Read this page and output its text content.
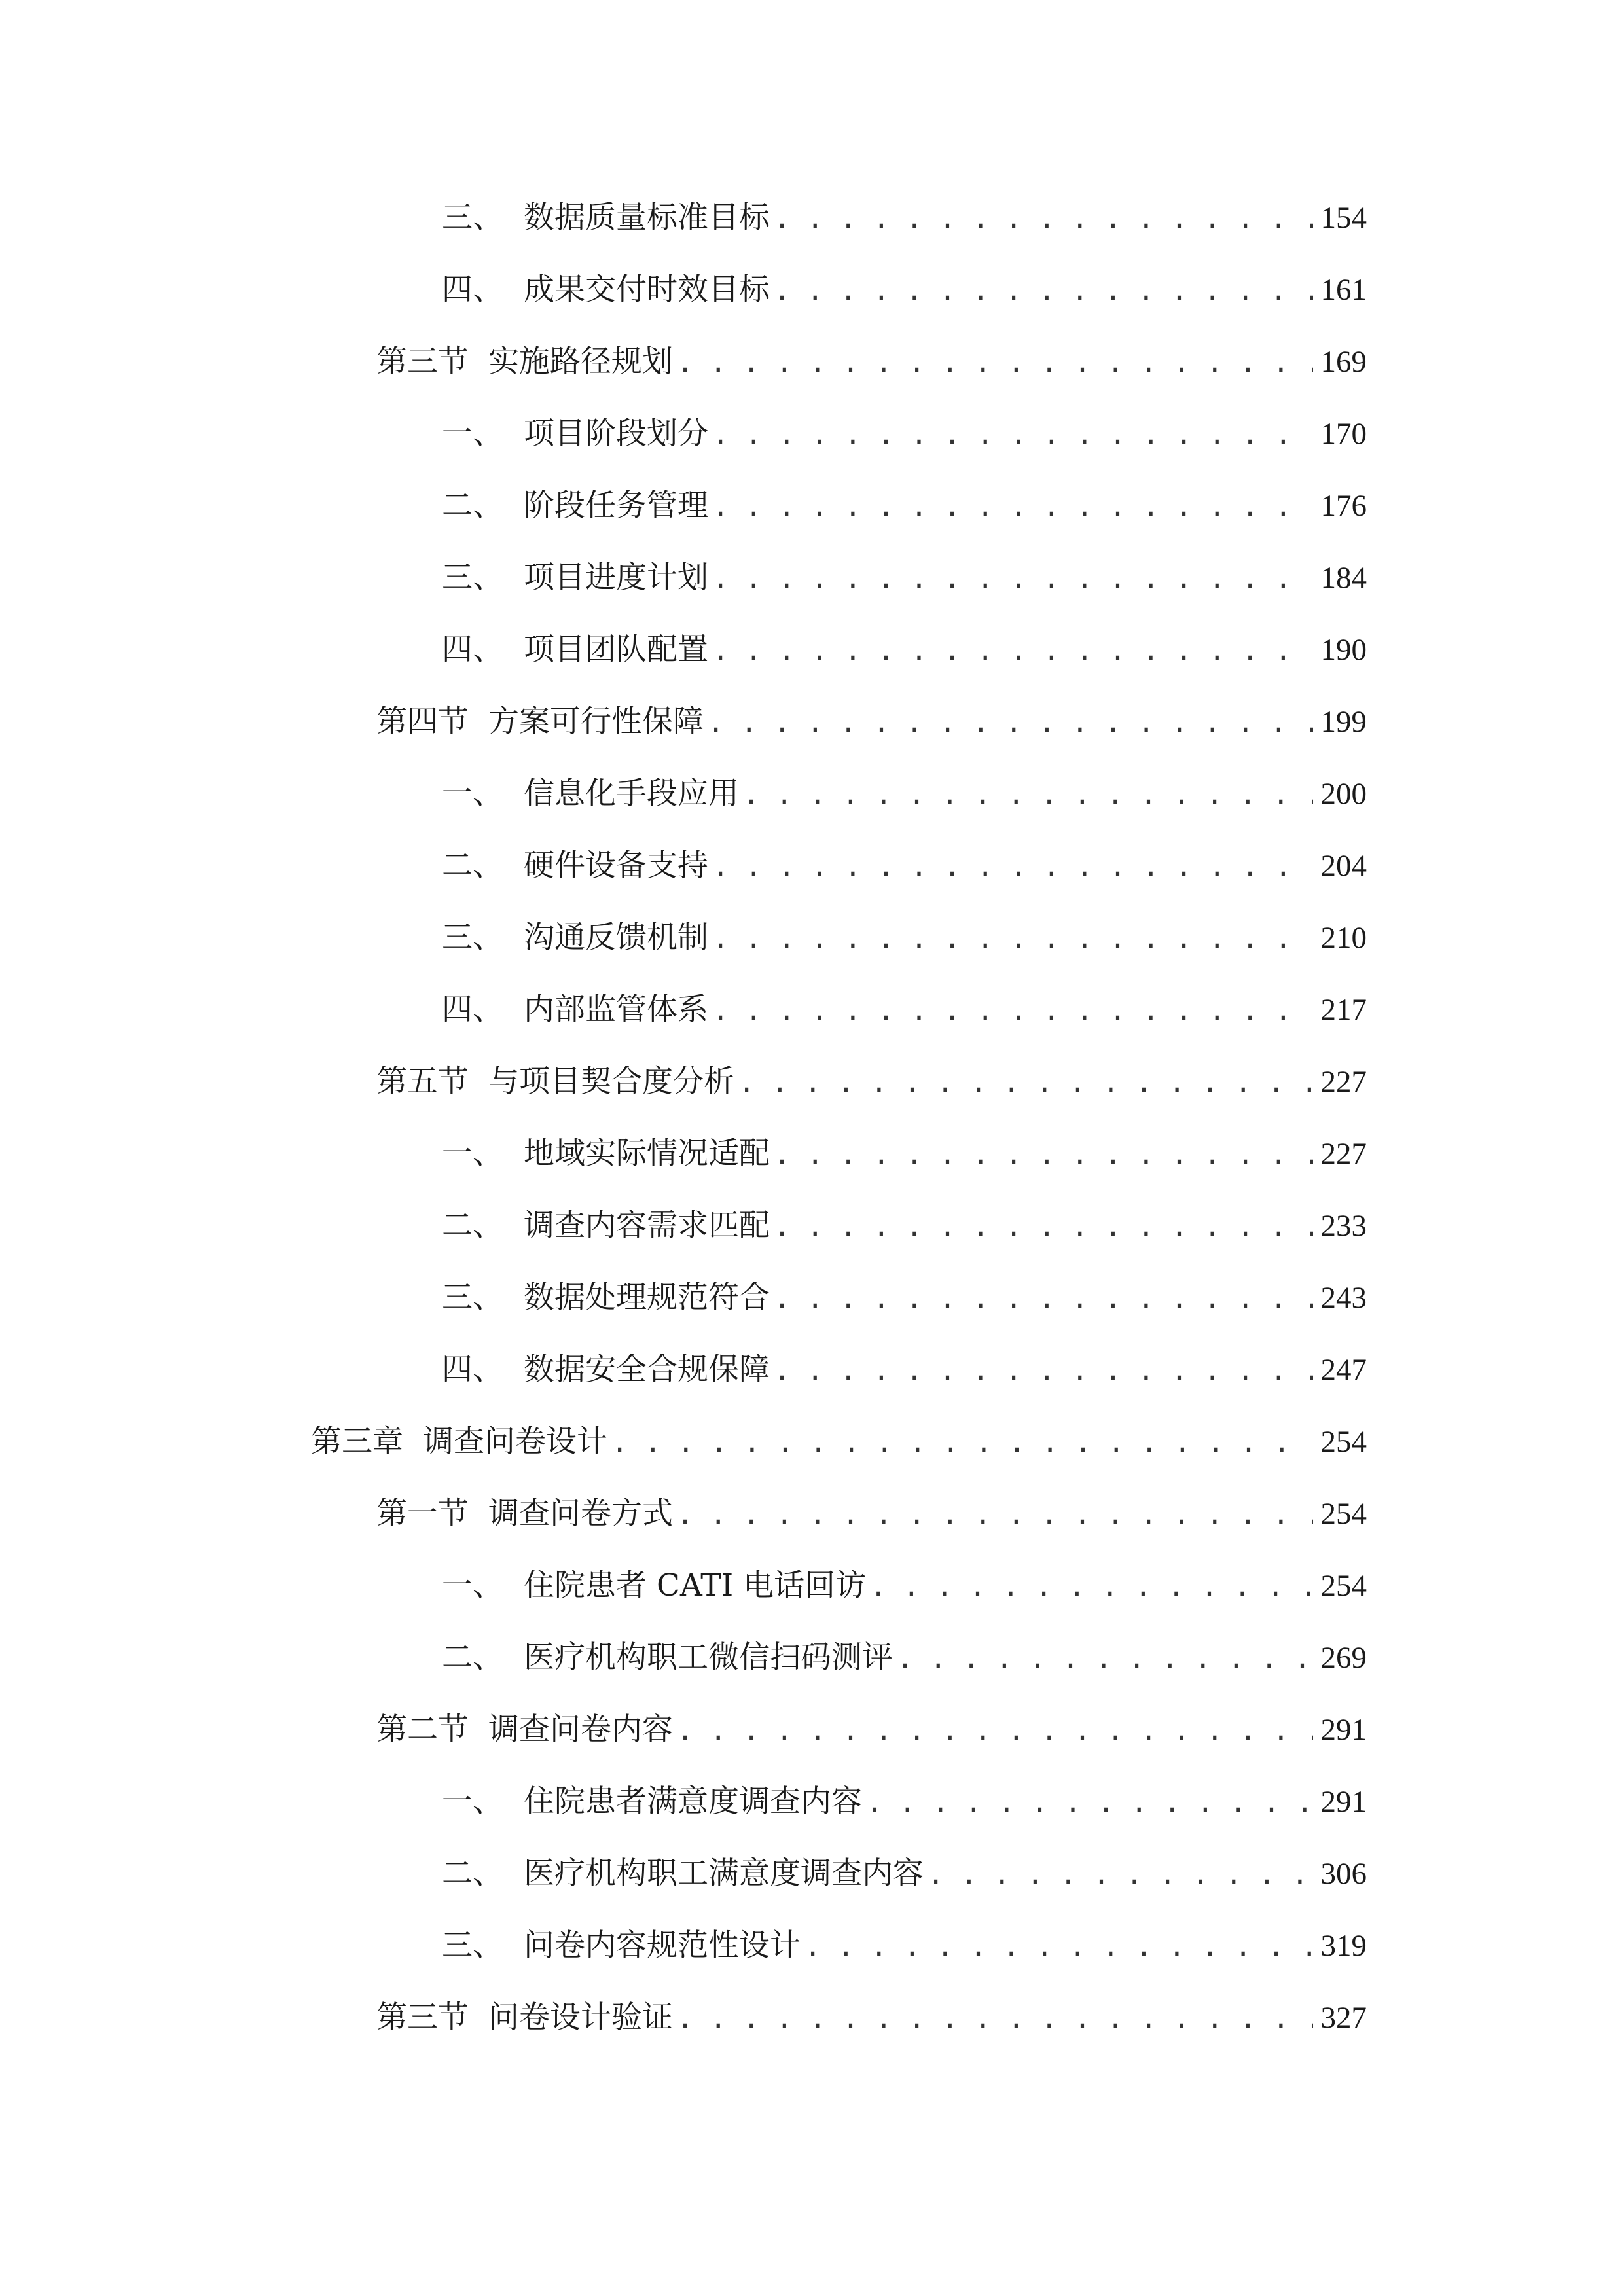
三、 数据质量标准目标 . . .	154
四、 成果交付时效目标 . . .	161
第三节 实施路径规划 . . .	169
一、 项目阶段划分 . . .	170
二、 阶段任务管理 . . .	176
三、 项目进度计划 . . .	184
四、 项目团队配置 . . .	190
第四节 方案可行性保障 . . .	199
一、 信息化手段应用 . . .	200
二、 硬件设备支持 . . .	204
三、 沟通反馈机制 . . .	210
四、 内部监管体系 . . .	217
第五节 与项目契合度分析 . . .	227
一、 地域实际情况适配 . . .	227
二、 调查内容需求匹配 . . .	233
三、 数据处理规范符合 . . .	243
四、 数据安全合规保障 . . .	247
第三章 调查问卷设计 . . .	254
第一节 调查问卷方式 . . .	254
一、 住院患者 CATI 电话回访 . . .	254
二、 医疗机构职工微信扫码测评 . . .	269
第二节 调查问卷内容 . . .	291
一、 住院患者满意度调查内容 . . .	291
二、 医疗机构职工满意度调查内容 . . .	306
三、 问卷内容规范性设计 . . .	319
第三节 问卷设计验证 . . .	327
